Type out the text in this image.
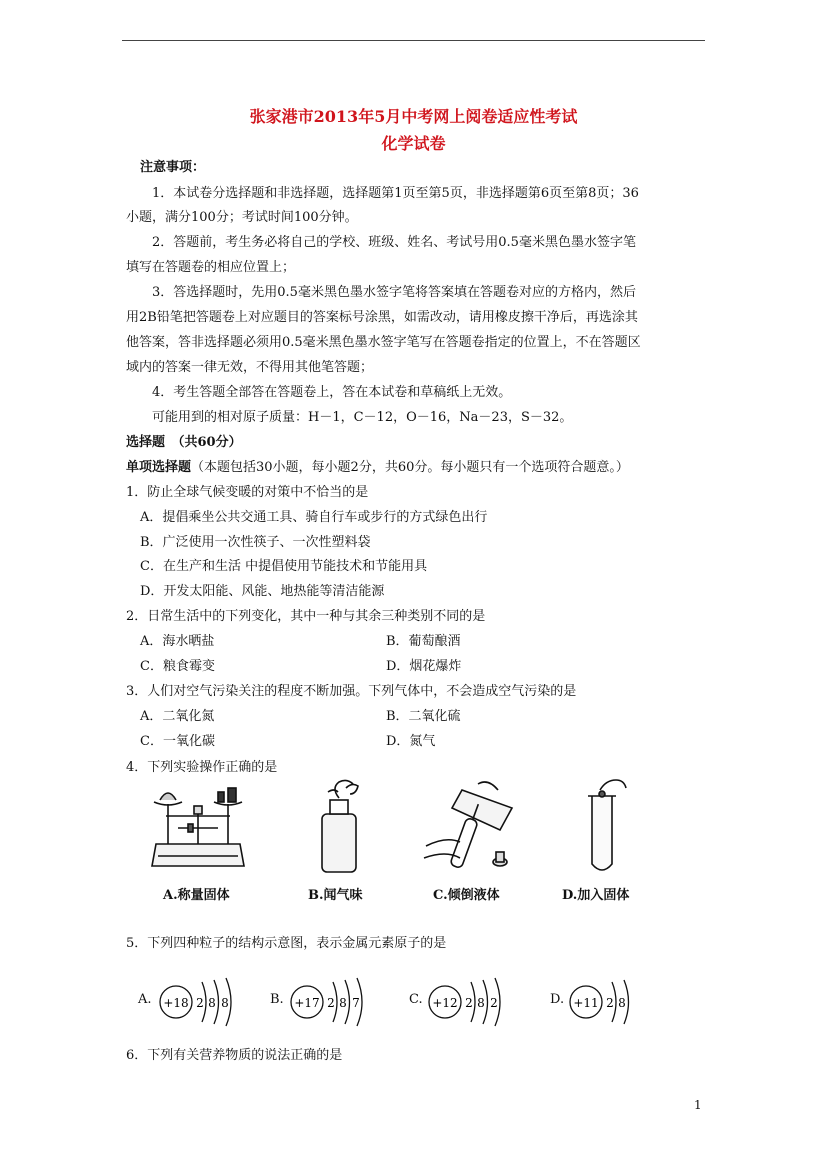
张家港市2013年5月中考网上阅卷适应性考试
化学试卷
注意事项：
1．本试卷分选择题和非选择题，选择题第1页至第5页，非选择题第6页至第8页；36
小题，满分100分；考试时间100分钟。
2．答题前，考生务必将自己的学校、班级、姓名、考试号用0.5毫米黑色墨水签字笔
填写在答题卷的相应位置上；
3．答选择题时，先用0.5毫米黑色墨水签字笔将答案填在答题卷对应的方格内，然后
用2B铅笔把答题卷上对应题目的答案标号涂黑，如需改动，请用橡皮擦干净后，再选涂其
他答案，答非选择题必须用0.5毫米黑色墨水签字笔写在答题卷指定的位置上，不在答题区
域内的答案一律无效，不得用其他笔答题；
4．考生答题全部答在答题卷上，答在本试卷和草稿纸上无效。
可能用到的相对原子质量：H－1，C－12，O－16，Na－23，S－32。
选择题　（共60分）
单项选择题（本题包括30小题，每小题2分，共60分。每小题只有一个选项符合题意。）
1．防止全球气候变暖的对策中不恰当的是
A．提倡乘坐公共交通工具、骑自行车或步行的方式绿色出行
B．广泛使用一次性筷子、一次性塑料袋
C．在生产和生活 中提倡使用节能技术和节能用具
D．开发太阳能、风能、地热能等清洁能源
2．日常生活中的下列变化，其中一种与其余三种类别不同的是
A．海水晒盐	B．葡萄酿酒
C．粮食霉变	D．烟花爆炸
3．人们对空气污染关注的程度不断加强。下列气体中，不会造成空气污染的是
A．二氧化氮	B．二氧化硫
C．一氧化碳	D．氮气
4．下列实验操作正确的是
A.称量固体	B.闻气味	C.倾倒液体	D.加入固体
5．下列四种粒子的结构示意图，表示金属元素原子的是
A. +18 2 8 8	B. +17 2 8 7	C. +12 2 8 2	D. +11 2 8
6．下列有关营养物质的说法正确的是
1
